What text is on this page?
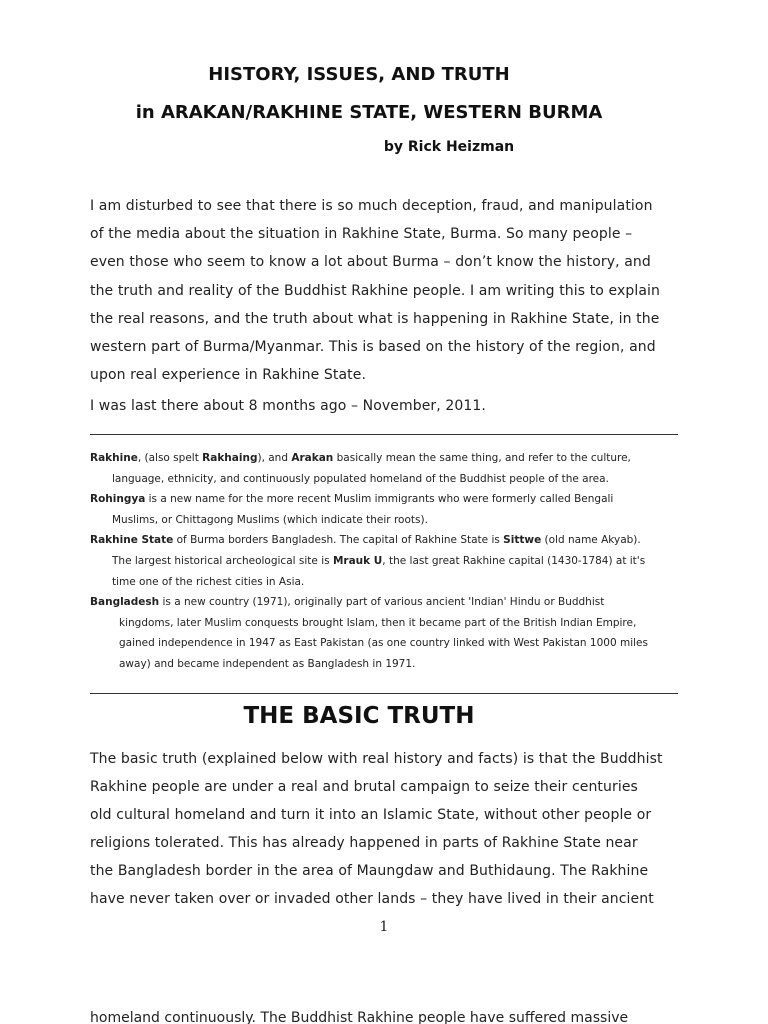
HISTORY, ISSUES, AND TRUTH
in ARAKAN/RAKHINE STATE, WESTERN BURMA
by Rick Heizman
I am disturbed to see that there is so much deception, fraud, and manipulation
of the media about the situation in Rakhine State, Burma. So many people –
even those who seem to know a lot about Burma – don’t know the history, and
the truth and reality of the Buddhist Rakhine people. I am writing this to explain
the real reasons, and the truth about what is happening in Rakhine State, in the
western part of Burma/Myanmar. This is based on the history of the region, and
upon real experience in Rakhine State.
I was last there about 8 months ago – November, 2011.
Rakhine, (also spelt Rakhaing), and Arakan basically mean the same thing, and refer to the culture,
language, ethnicity, and continuously populated homeland of the Buddhist people of the area.
Rohingya is a new name for the more recent Muslim immigrants who were formerly called Bengali
Muslims, or Chittagong Muslims (which indicate their roots).
Rakhine State of Burma borders Bangladesh. The capital of Rakhine State is Sittwe (old name Akyab).
The largest historical archeological site is Mrauk U, the last great Rakhine capital (1430-1784) at it's
time one of the richest cities in Asia.
Bangladesh is a new country (1971), originally part of various ancient 'Indian' Hindu or Buddhist
kingdoms, later Muslim conquests brought Islam, then it became part of the British Indian Empire,
gained independence in 1947 as East Pakistan (as one country linked with West Pakistan 1000 miles
away) and became independent as Bangladesh in 1971.
THE BASIC TRUTH
The basic truth (explained below with real history and facts) is that the Buddhist
Rakhine people are under a real and brutal campaign to seize their centuries
old cultural homeland and turn it into an Islamic State, without other people or
religions tolerated. This has already happened in parts of Rakhine State near
the Bangladesh border in the area of Maungdaw and Buthidaung. The Rakhine
have never taken over or invaded other lands – they have lived in their ancient
1
homeland continuously. The Buddhist Rakhine people have suffered massive
